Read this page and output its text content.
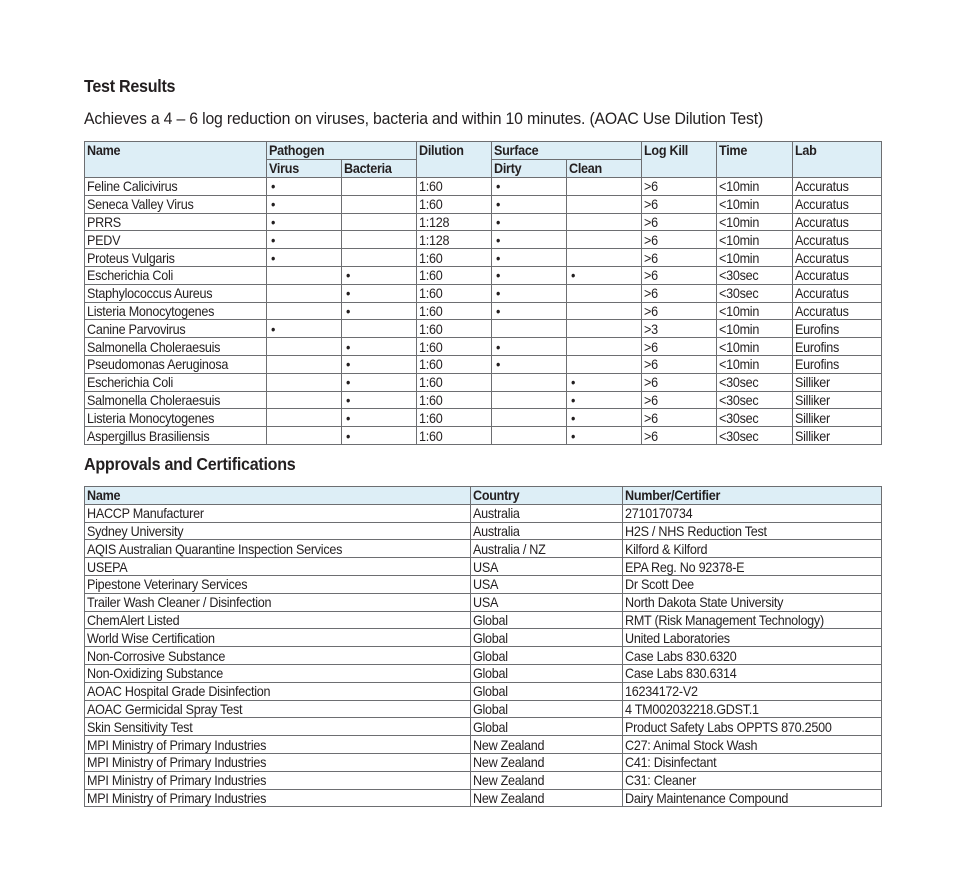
Test Results
Achieves a 4 – 6 log reduction on viruses, bacteria and within 10 minutes. (AOAC Use Dilution Test)
Name	Pathogen		Dilution	Surface		Log Kill	Time	Lab
	Virus	Bacteria		Dirty	Clean			
Feline Calicivirus	•		1:60	•		>6	<10min	Accuratus
Seneca Valley Virus	•		1:60	•		>6	<10min	Accuratus
PRRS	•		1:128	•		>6	<10min	Accuratus
PEDV	•		1:128	•		>6	<10min	Accuratus
Proteus Vulgaris	•		1:60	•		>6	<10min	Accuratus
Escherichia Coli		•	1:60	•	•	>6	<30sec	Accuratus
Staphylococcus Aureus		•	1:60	•		>6	<30sec	Accuratus
Listeria Monocytogenes		•	1:60	•		>6	<10min	Accuratus
Canine Parvovirus	•		1:60			>3	<10min	Eurofins
Salmonella Choleraesuis		•	1:60	•		>6	<10min	Eurofins
Pseudomonas Aeruginosa		•	1:60	•		>6	<10min	Eurofins
Escherichia Coli		•	1:60		•	>6	<30sec	Silliker
Salmonella Choleraesuis		•	1:60		•	>6	<30sec	Silliker
Listeria Monocytogenes		•	1:60		•	>6	<30sec	Silliker
Aspergillus Brasiliensis		•	1:60		•	>6	<30sec	Silliker
Approvals and Certifications
Name	Country	Number/Certifier
HACCP Manufacturer	Australia	2710170734
Sydney University	Australia	H2S / NHS Reduction Test
AQIS Australian Quarantine Inspection Services	Australia / NZ	Kilford & Kilford
USEPA	USA	EPA Reg. No 92378-E
Pipestone Veterinary Services	USA	Dr Scott Dee
Trailer Wash Cleaner / Disinfection	USA	North Dakota State University
ChemAlert Listed	Global	RMT (Risk Management Technology)
World Wise Certification	Global	United Laboratories
Non-Corrosive Substance	Global	Case Labs 830.6320
Non-Oxidizing Substance	Global	Case Labs 830.6314
AOAC Hospital Grade Disinfection	Global	16234172-V2
AOAC Germicidal Spray Test	Global	4 TM002032218.GDST.1
Skin Sensitivity Test	Global	Product Safety Labs OPPTS 870.2500
MPI Ministry of Primary Industries	New Zealand	C27: Animal Stock Wash
MPI Ministry of Primary Industries	New Zealand	C41: Disinfectant
MPI Ministry of Primary Industries	New Zealand	C31: Cleaner
MPI Ministry of Primary Industries	New Zealand	Dairy Maintenance Compound
